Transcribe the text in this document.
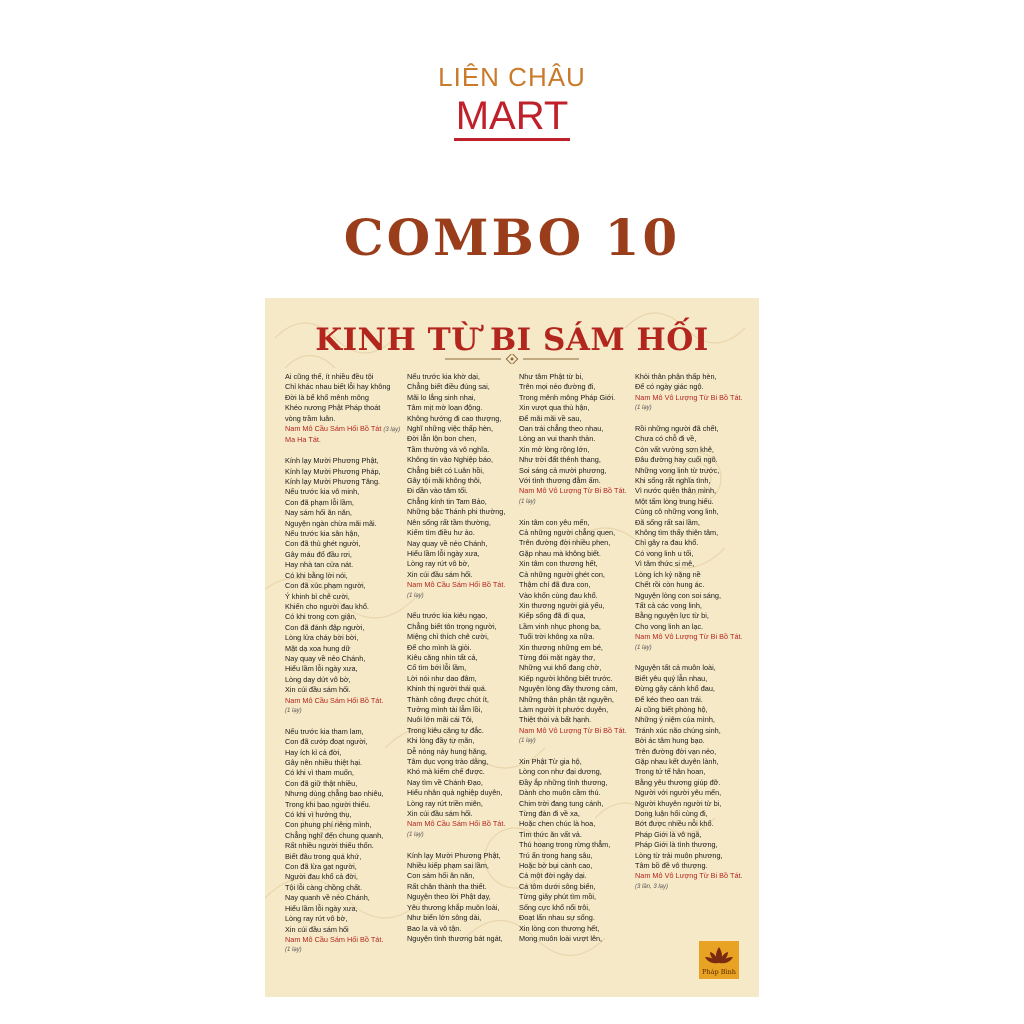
LIÊN CHÂU
MART
COMBO 10
KINH TỪ BI SÁM HỐI
Ai cũng thế, ít nhiều đều tội
Chỉ khác nhau biết lỗi hay không
Đời là bể khổ mênh mông
Khéo nương Phật Pháp thoát
vòng trầm luân.
Nam Mô Cầu Sám Hối Bồ Tát (3 lạy)
Ma Ha Tát.
Kính lạy Mười Phương Phật,
Kính lạy Mười Phương Pháp,
Kính lạy Mười Phương Tăng.
Nếu trước kia vô minh,
Con đã phạm lỗi lầm,
Nay sám hối ăn năn,
Nguyện ngàn chừa mãi mãi.
Nếu trước kia sân hận,
Con đã thù ghét người,
Gây máu đổ đầu rơi,
Hay nhà tan cửa nát.
Có khi bằng lời nói,
Con đã xúc phạm người,
Ý khinh bỉ chê cười,
Khiến cho người đau khổ.
Có khi trong cơn giận,
Con đã đánh đập người,
Lòng lửa cháy bời bời,
Mặt dạ xoa hung dữ
Nay quay về nẻo Chánh,
Hiểu lầm lỗi ngày xưa,
Lòng day dứt vô bờ,
Xin cúi đầu sám hối.
Nam Mô Cầu Sám Hối Bồ Tát.
(1 lạy)
Nếu trước kia tham lam,
Con đã cướp đoạt người,
Hay ích kỉ cả đời,
Gây nên nhiều thiệt hại.
Có khi vì tham muốn,
Con đã giữ thật nhiều,
Nhưng dùng chẳng bao nhiêu,
Trong khi bao người thiếu.
Có khi vì hưởng thụ,
Con phung phí riêng mình,
Chẳng nghĩ đến chung quanh,
Rất nhiều người thiếu thốn.
Biết đâu trong quá khứ,
Con đã lừa gạt người,
Người đau khổ cả đời,
Tội lỗi càng chồng chất.
Nay quanh về nẻo Chánh,
Hiểu lầm lỗi ngày xưa,
Lòng ray rứt vô bờ,
Xin cúi đầu sám hối
Nam Mô Cầu Sám Hối Bồ Tát.
(1 lạy)
Nếu trước kia khờ dại,
Chẳng biết điều đúng sai,
Mãi lo lắng sinh nhai,
Tâm mịt mờ loạn động.
Không hướng đi cao thượng,
Nghĩ những việc thấp hèn,
Đời lẫn lộn bon chen,
Tầm thường và vô nghĩa.
Không tin vào Nghiệp báo,
Chẳng biết có Luân hồi,
Gây tội mãi không thôi,
Đi dần vào tăm tối.
Chẳng kính tin Tam Bảo,
Những bậc Thánh phi thường,
Nên sống rất tầm thường,
Kiếm tìm điều hư ảo.
Nay quay về nẻo Chánh,
Hiểu lầm lỗi ngày xưa,
Lòng ray rứt vô bờ,
Xin cúi đầu sám hối.
Nam Mô Cầu Sám Hối Bồ Tát.
(1 lạy)
Nếu trước kia kiêu ngạo,
Chẳng biết tôn trọng người,
Miệng chỉ thích chê cười,
Để cho mình là giỏi.
Kiêu căng nhìn tất cả,
Cố tìm bới lỗi lầm,
Lời nói như dao đâm,
Khinh thị người thái quá.
Thành công được chút ít,
Tưởng mình tài lẫm lồi,
Nuôi lớn mãi cái Tôi,
Trong kiêu căng tự đắc.
Khi lòng đầy tự mãn,
Dễ nóng nảy hung hăng,
Tâm dục vọng trào dâng,
Khó mà kiếm chế được.
Nay tìm về Chánh Đạo,
Hiểu nhân quả nghiệp duyên,
Lòng ray rứt triền miên,
Xin cúi đầu sám hối.
Nam Mô Cầu Sám Hối Bồ Tát.
(1 lạy)
Kính lạy Mười Phương Phật,
Nhiều kiếp phạm sai lầm,
Con sám hối ăn năn,
Rất chân thành tha thiết.
Nguyện theo lời Phật dạy,
Yêu thương khắp muôn loài,
Như biển lớn sông dài,
Bao la và vô tận.
Nguyện tình thương bát ngát,
Như tâm Phật từ bi,
Trên mọi nẻo đường đi,
Trong mênh mông Pháp Giới.
Xin vượt qua thù hận,
Để mãi mãi về sau,
Oan trái chẳng theo nhau,
Lòng an vui thanh thản.
Xin mở lòng rộng lớn,
Như trời đất thênh thang,
Soi sáng cả mười phương,
Với tình thương đằm ấm.
Nam Mô Vô Lượng Từ Bi Bồ Tát.
(1 lạy)
Xin tâm con yêu mến,
Cả những người chẳng quen,
Trên đường đời nhiều phen,
Gặp nhau mà không biết.
Xin tâm con thương hết,
Cả những người ghét con,
Thậm chí đã đưa con,
Vào khốn cùng đau khổ.
Xin thương người giả yếu,
Kiếp sống đã đi qua,
Lầm vinh nhục phong ba,
Tuổi trời không xa nữa.
Xin thương những em bé,
Từng đói mặt ngày thơ,
Những vui khổ đang chờ,
Kiếp người không biết trước.
Nguyện lòng đầy thương cảm,
Những thân phận tật nguyền,
Làm người ít phước duyên,
Thiệt thòi và bất hạnh.
Nam Mô Vô Lượng Từ Bi Bồ Tát.
(1 lạy)
Xin Phật Từ gia hộ,
Lòng con như đại dương,
Đầy ắp những tình thương,
Dành cho muôn cầm thú.
Chim trời đang tung cánh,
Từng đàn đi về xa,
Hoặc chen chúc là hoa,
Tìm thức ăn vất vả.
Thú hoang trong rừng thẳm,
Trú ẩn trong hang sâu,
Hoặc bờ bụi cành cao,
Cá một đời ngây dại.
Cá tôm dưới sông biển,
Từng giây phút tìm mồi,
Sống cực khổ nổi trôi,
Đoạt lấn nhau sự sống.
Xin lòng con thương hết,
Mong muôn loài vượt lên,
Khỏi thân phận thấp hèn,
Để có ngày giác ngộ.
Nam Mô Vô Lượng Từ Bi Bồ Tát.
(1 lạy)
Rồi những người đã chết,
Chưa có chỗ đi về,
Còn vất vưởng sơn khê,
Đâu đường hay cuối ngõ.
Những vong linh từ trước,
Khi sống rất nghĩa tình,
Vì nước quên thân mình,
Một tấm lòng trung hiếu.
Cùng cô những vong linh,
Đã sống rất sai lầm,
Không tìm thấy thiện tâm,
Chỉ gây ra đau khổ.
Có vong linh u tối,
Vì tâm thức si mê,
Lòng ích kỷ nặng nề
Chết rồi còn hung ác.
Nguyện lòng con soi sáng,
Tất cả các vong linh,
Bằng nguyện lực từ bi,
Cho vong linh an lạc.
Nam Mô Vô Lượng Từ Bi Bồ Tát.
(1 lạy)
Nguyện tất cả muôn loài,
Biết yêu quý lẫn nhau,
Đừng gây cảnh khổ đau,
Để kéo theo oan trái.
Ai cũng biết phòng hộ,
Những ý niệm của mình,
Tránh xúc não chúng sinh,
Bởi ác tâm hung bạo.
Trên đường đời vạn nẻo,
Gặp nhau kết duyên lành,
Trong tứ tế hân hoan,
Bằng yêu thương giúp đỡ.
Người với người yêu mến,
Người khuyên người từ bi,
Dong luận hối cùng đi,
Bớt được nhiều nỗi khổ.
Pháp Giới là vô ngã,
Pháp Giới là tình thương,
Lòng từ trải muôn phương,
Tâm bồ đề vô thượng.
Nam Mô Vô Lượng Từ Bi Bồ Tát.
(3 lần, 3 lạy)
Pháp Bình
